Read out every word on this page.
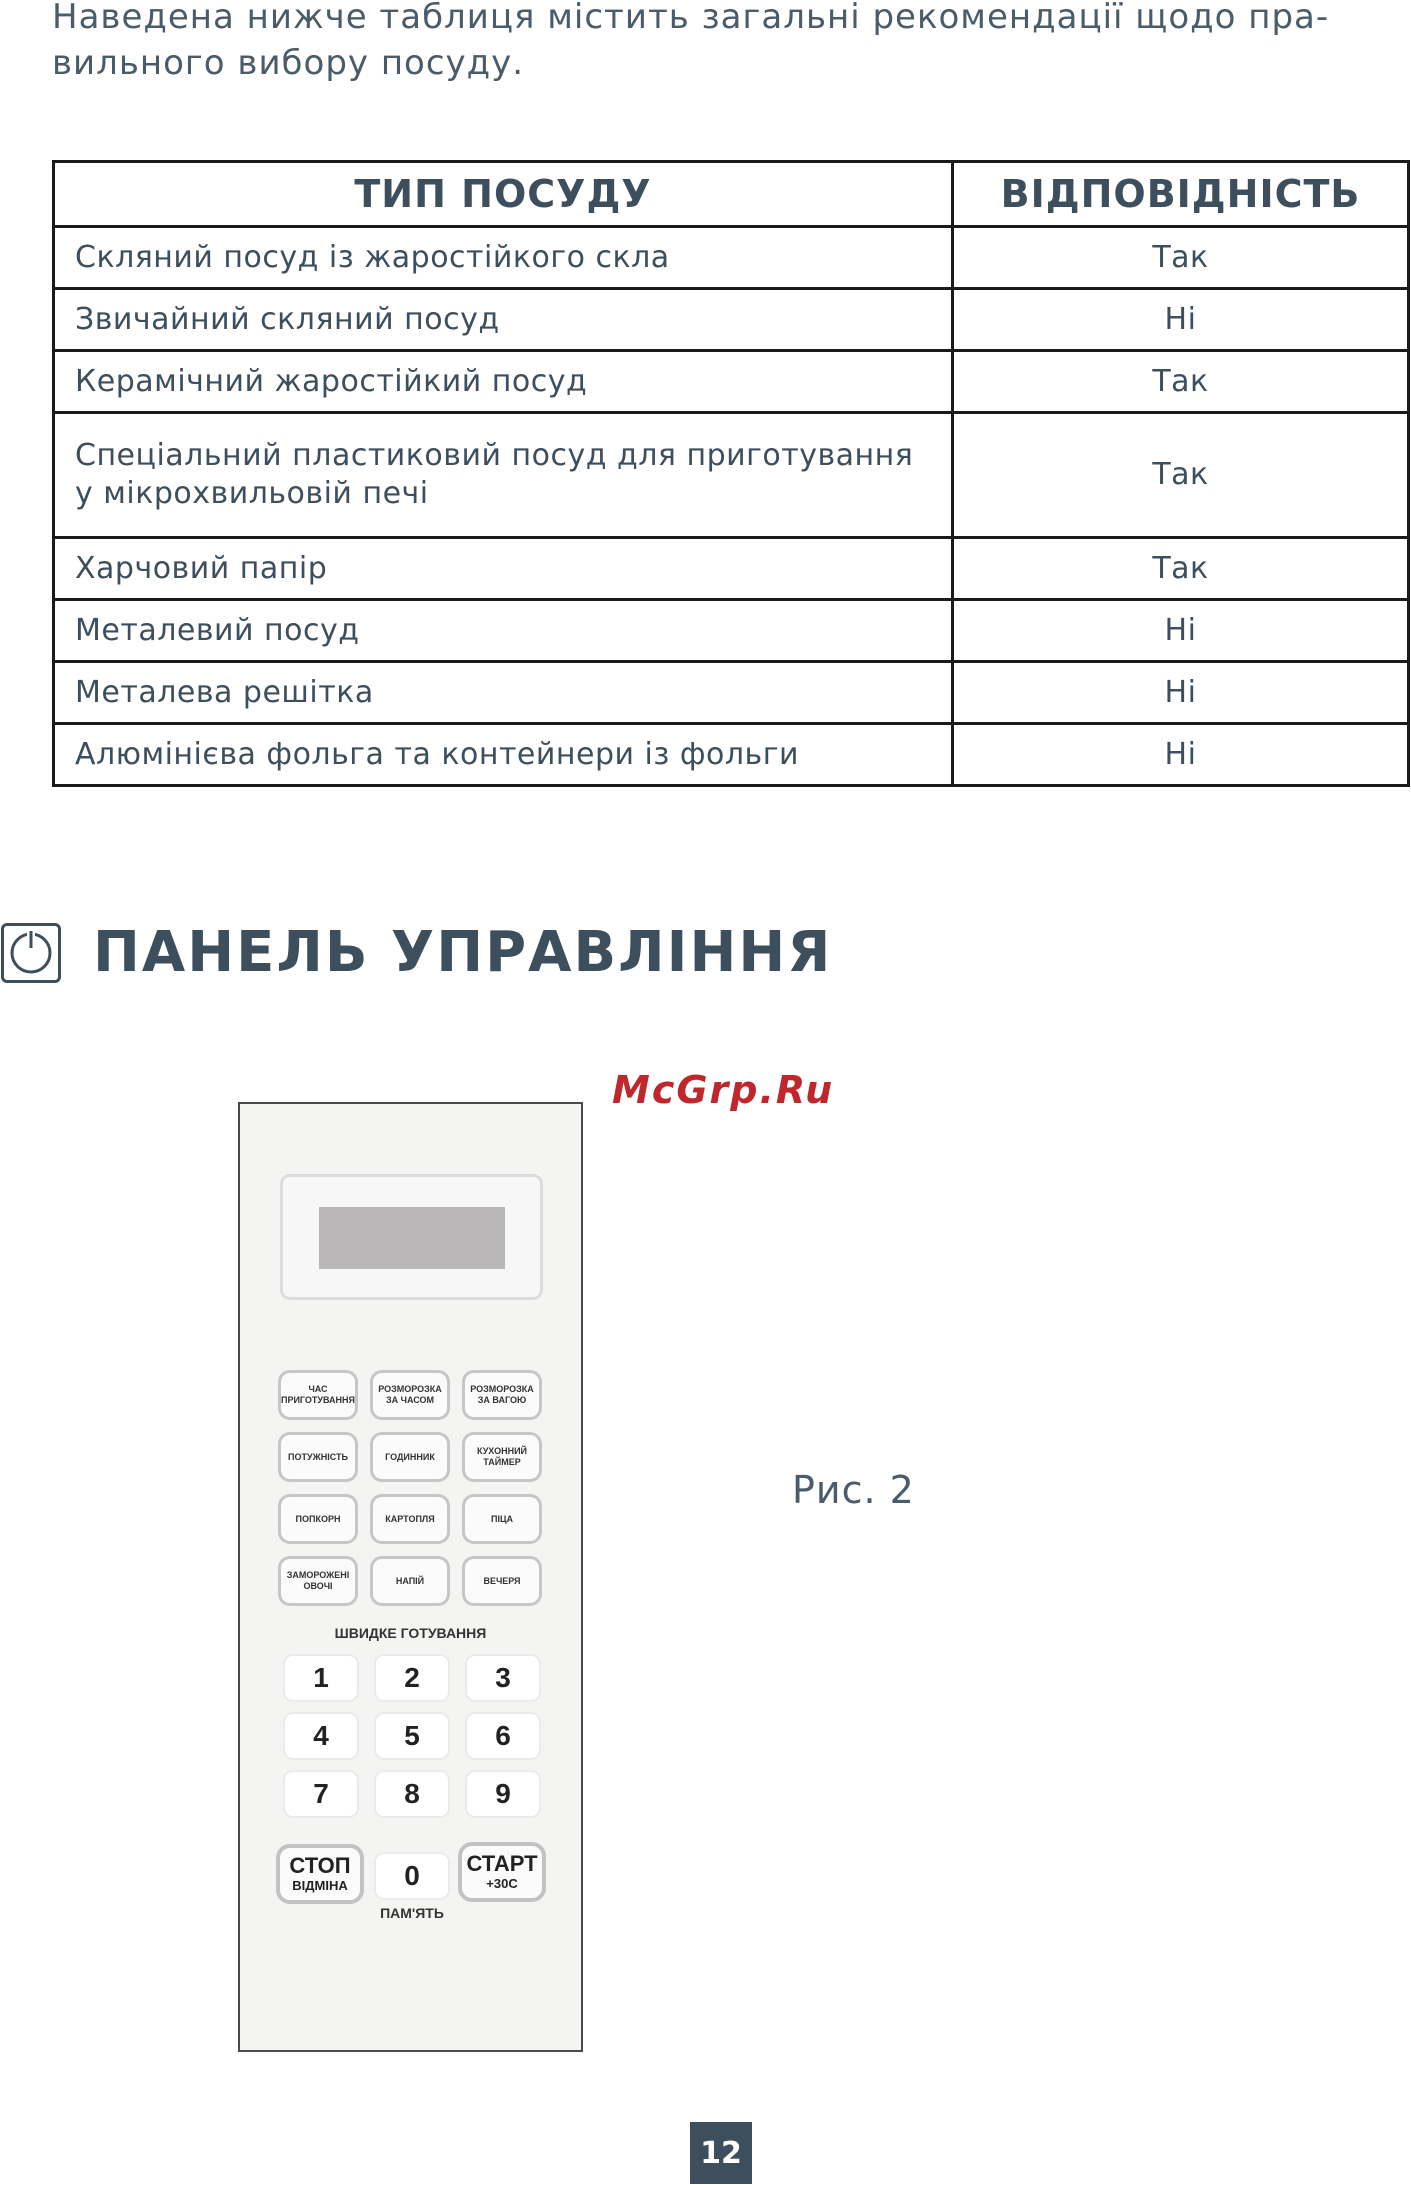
Наведена нижче таблиця містить загальні рекомендації щодо пра-вильного вибору посуду.
ТИП ПОСУДУ	ВІДПОВІДНІСТЬ
Скляний посуд із жаростійкого скла	Так
Звичайний скляний посуд	Ні
Керамічний жаростійкий посуд	Так
Спеціальний пластиковий посуд для приготування у мікрохвильовій печі	Так
Харчовий папір	Так
Металевий посуд	Ні
Металева решітка	Ні
Алюмінієва фольга та контейнери із фольги	Ні
ПАНЕЛЬ УПРАВЛІННЯ
McGrp.Ru
ЧАС ПРИГОТУВАННЯ
РОЗМОРОЗКА ЗА ЧАСОМ
РОЗМОРОЗКА ЗА ВАГОЮ
ПОТУЖНІСТЬ	ГОДИННИК
КУХОННИЙ ТАЙМЕР
ПОПКОРН	КАРТОПЛЯ	ПІЦА
ЗАМОРОЖЕНІ ОВОЧІ
НАПІЙ	ВЕЧЕРЯ
ШВИДКЕ ГОТУВАННЯ
1	2	3
4	5	6
7	8	9
СТОП
ВІДМІНА	0
ПАМ'ЯТЬ
СТАРТ
+30С
Рис. 2
12
